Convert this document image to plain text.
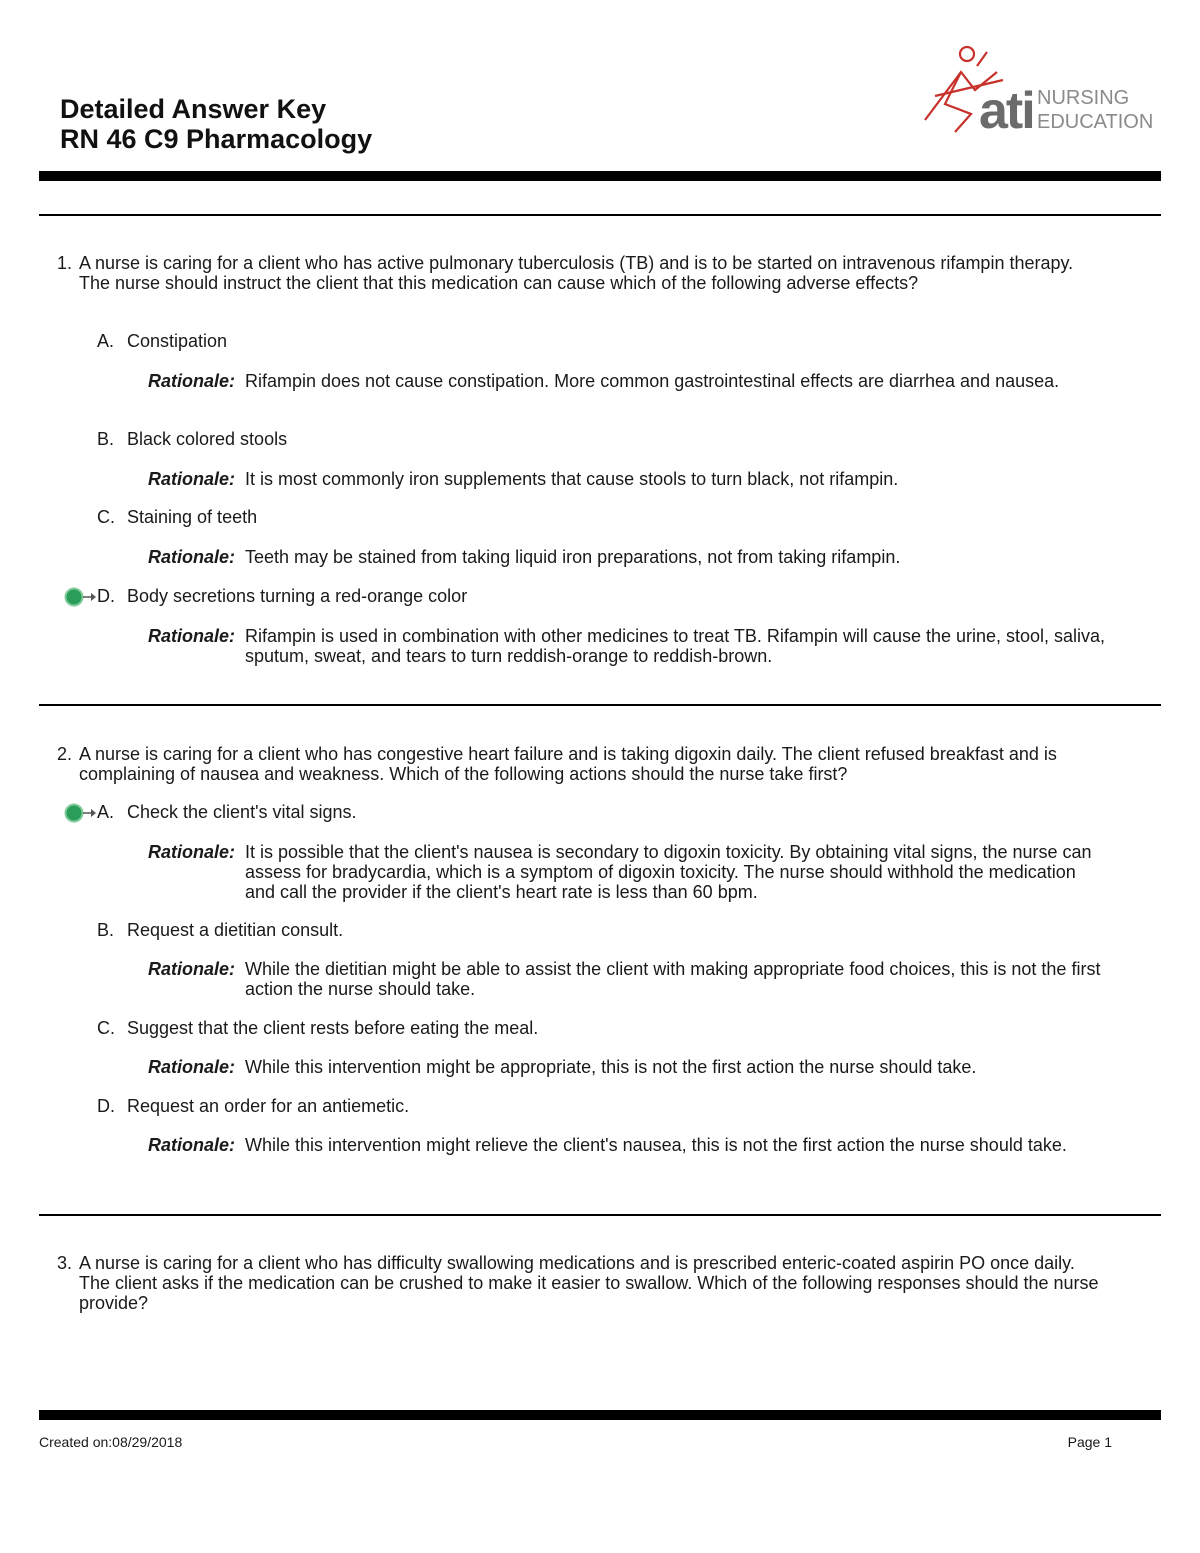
Detailed Answer Key
RN 46 C9 Pharmacology	ati NURSING
EDUCATION
1. A nurse is caring for a client who has active pulmonary tuberculosis (TB) and is to be started on intravenous rifampin therapy. The nurse should instruct the client that this medication can cause which of the following adverse effects?
A. Constipation
Rationale: Rifampin does not cause constipation. More common gastrointestinal effects are diarrhea and nausea.
B. Black colored stools
Rationale: It is most commonly iron supplements that cause stools to turn black, not rifampin.
C. Staining of teeth
Rationale: Teeth may be stained from taking liquid iron preparations, not from taking rifampin.
D. Body secretions turning a red-orange color
Rationale: Rifampin is used in combination with other medicines to treat TB. Rifampin will cause the urine, stool, saliva, sputum, sweat, and tears to turn reddish-orange to reddish-brown.
2. A nurse is caring for a client who has congestive heart failure and is taking digoxin daily. The client refused breakfast and is complaining of nausea and weakness. Which of the following actions should the nurse take first?
A. Check the client's vital signs.
Rationale: It is possible that the client's nausea is secondary to digoxin toxicity. By obtaining vital signs, the nurse can assess for bradycardia, which is a symptom of digoxin toxicity. The nurse should withhold the medication and call the provider if the client's heart rate is less than 60 bpm.
B. Request a dietitian consult.
Rationale: While the dietitian might be able to assist the client with making appropriate food choices, this is not the first action the nurse should take.
C. Suggest that the client rests before eating the meal.
Rationale: While this intervention might be appropriate, this is not the first action the nurse should take.
D. Request an order for an antiemetic.
Rationale: While this intervention might relieve the client's nausea, this is not the first action the nurse should take.
3. A nurse is caring for a client who has difficulty swallowing medications and is prescribed enteric-coated aspirin PO once daily. The client asks if the medication can be crushed to make it easier to swallow. Which of the following responses should the nurse provide?
Created on:08/29/2018	Page 1
